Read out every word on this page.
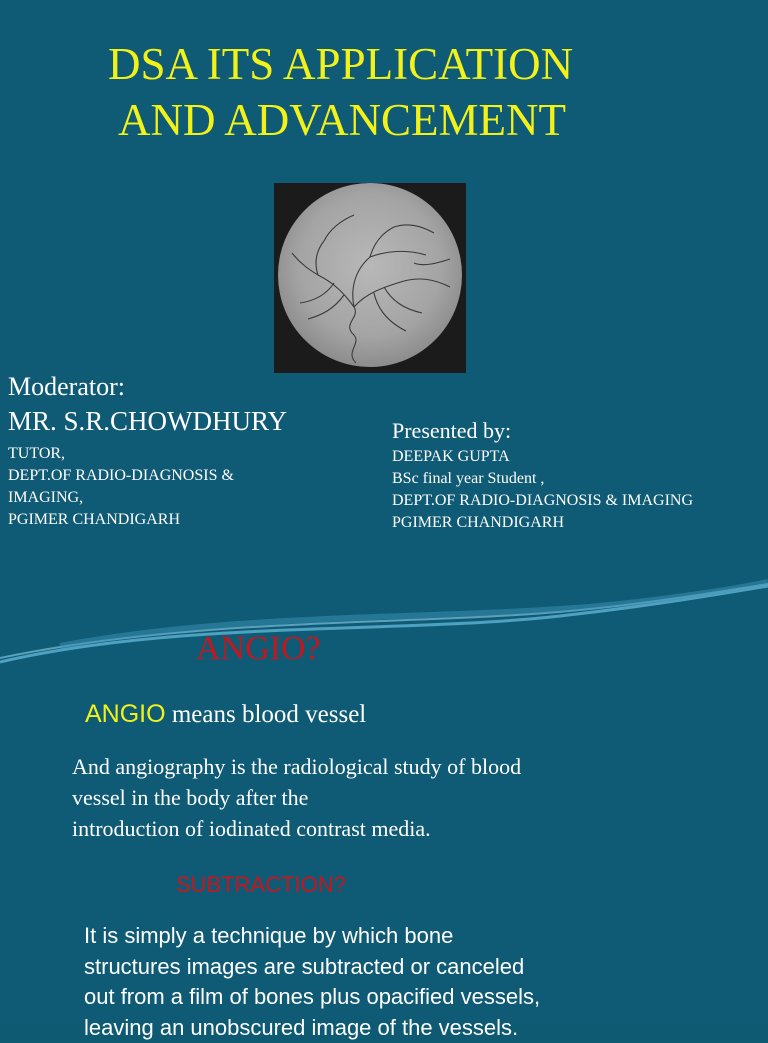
DSA ITS APPLICATION
AND ADVANCEMENT
Moderator:
MR. S.R.CHOWDHURY
TUTOR,
DEPT.OF RADIO-DIAGNOSIS &
IMAGING,
PGIMER CHANDIGARH
Presented by:
DEEPAK GUPTA
BSc final year Student ,
DEPT.OF RADIO-DIAGNOSIS & IMAGING
PGIMER CHANDIGARH
ANGIO?
ANGIO means blood vessel
And angiography is the radiological study of blood
vessel in the body after the
introduction of iodinated contrast media.
SUBTRACTION?
It is simply a technique by which bone
structures images are subtracted or canceled
out from a film of bones plus opacified vessels,
leaving an unobscured image of the vessels.
